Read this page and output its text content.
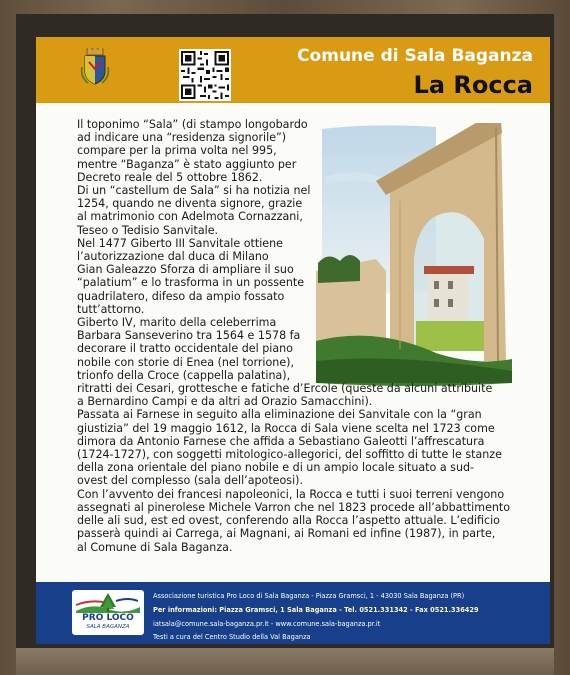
Comune di Sala Baganza
La Rocca

Il toponimo “Sala” (di stampo longobardo

ad indicare una “residenza signorile”)

compare per la prima volta nel 995,

mentre “Baganza” è stato aggiunto per

Decreto reale del 5 ottobre 1862.

Di un “castellum de Sala” si ha notizia nel

1254, quando ne diventa signore, grazie

al matrimonio con Adelmota Cornazzani,

Teseo o Tedisio Sanvitale.

Nel 1477 Giberto III Sanvitale ottiene

l’autorizzazione dal duca di Milano

Gian Galeazzo Sforza di ampliare il suo

“palatium” e lo trasforma in un possente

quadrilatero, difeso da ampio fossato

tutt’attorno.

Giberto IV, marito della celeberrima

Barbara Sanseverino tra 1564 e 1578 fa

decorare il tratto occidentale del piano

nobile con storie di Enea (nel torrione),

trionfo della Croce (cappella palatina),

ritratti dei Cesari, grottesche e fatiche d’Ercole (queste da alcuni attribuite

a Bernardino Campi e da altri ad Orazio Samacchini).

Passata ai Farnese in seguito alla eliminazione dei Sanvitale con la “gran

giustizia” del 19 maggio 1612, la Rocca di Sala viene scelta nel 1723 come

dimora da Antonio Farnese che affida a Sebastiano Galeotti l’affrescatura

(1724-1727), con soggetti mitologico-allegorici, del soffitto di tutte le stanze

della zona orientale del piano nobile e di un ampio locale situato a sud-

ovest del complesso (sala dell’apoteosi).

Con l’avvento dei francesi napoleonici, la Rocca e tutti i suoi terreni vengono

assegnati al pinerolese Michele Varron che nel 1823 procede all’abbattimento

delle ali sud, est ed ovest, conferendo alla Rocca l’aspetto attuale. L’edificio

passerà quindi ai Carrega, ai Magnani, ai Romani ed infine (1987), in parte,

al Comune di Sala Baganza.

PRO LOCO
SALA BAGANZA
Associazione turistica Pro Loco di Sala Baganza - Piazza Gramsci, 1 - 43030 Sala Baganza (PR)
Per informazioni: Piazza Gramsci, 1 Sala Baganza - Tel. 0521.331342 - Fax 0521.336429
iatsala@comune.sala-baganza.pr.it - www.comune.sala-baganza.pr.it
Testi a cura del Centro Studio della Val Baganza
